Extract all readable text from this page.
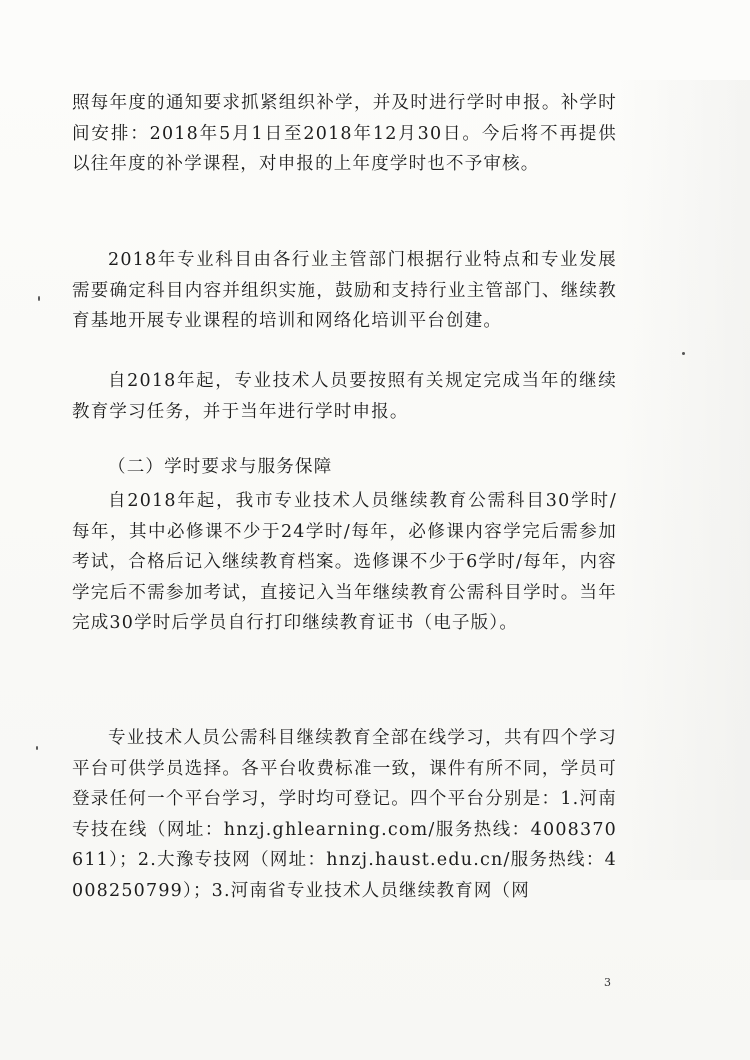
照每年度的通知要求抓紧组织补学，并及时进行学时申报。补学时间安排：2018年5月1日至2018年12月30日。今后将不再提供以往年度的补学课程，对申报的上年度学时也不予审核。

2018年专业科目由各行业主管部门根据行业特点和专业发展需要确定科目内容并组织实施，鼓励和支持行业主管部门、继续教育基地开展专业课程的培训和网络化培训平台创建。

自2018年起，专业技术人员要按照有关规定完成当年的继续教育学习任务，并于当年进行学时申报。

（二）学时要求与服务保障

自2018年起，我市专业技术人员继续教育公需科目30学时/每年，其中必修课不少于24学时/每年，必修课内容学完后需参加考试，合格后记入继续教育档案。选修课不少于6学时/每年，内容学完后不需参加考试，直接记入当年继续教育公需科目学时。当年完成30学时后学员自行打印继续教育证书（电子版）。

专业技术人员公需科目继续教育全部在线学习，共有四个学习平台可供学员选择。各平台收费标准一致，课件有所不同，学员可登录任何一个平台学习，学时均可登记。四个平台分别是：1.河南专技在线（网址：hnzj.ghlearning.com/服务热线：4008370611）；2.大豫专技网（网址：hnzj.haust.edu.cn/服务热线：4008250799）；3.河南省专业技术人员继续教育网（网

3
